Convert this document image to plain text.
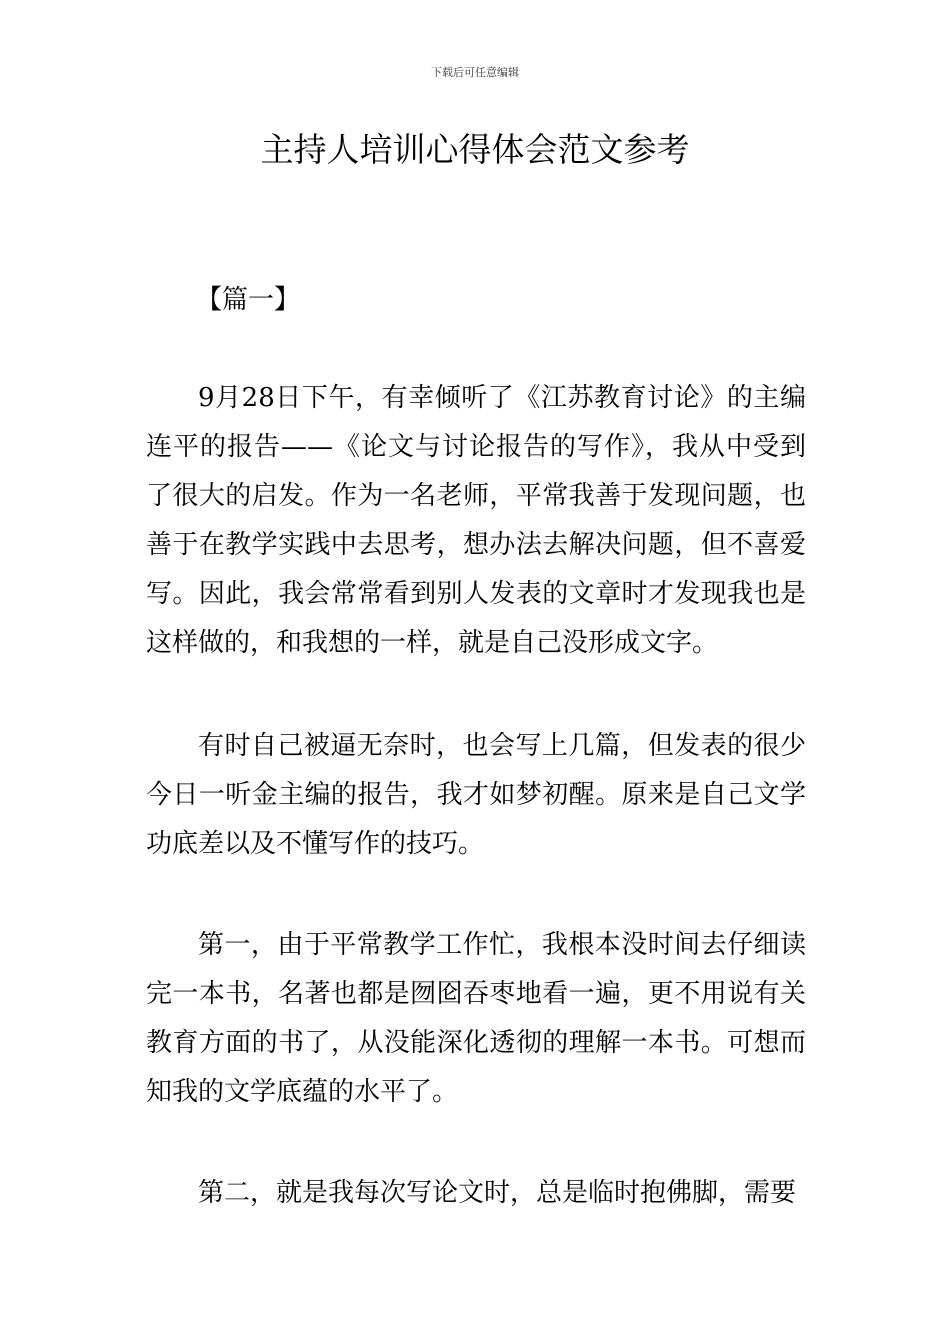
下载后可任意编辑
主持人培训心得体会范文参考
【篇一】

9月28日下午，有幸倾听了《江苏教育讨论》的主编连平的报告——《论文与讨论报告的写作》，我从中受到了很大的启发。作为一名老师，平常我善于发现问题，也善于在教学实践中去思考，想办法去解决问题，但不喜爱写。因此，我会常常看到别人发表的文章时才发现我也是这样做的，和我想的一样，就是自己没形成文字。

有时自己被逼无奈时，也会写上几篇，但发表的很少今日一听金主编的报告，我才如梦初醒。原来是自己文学功底差以及不懂写作的技巧。

第一，由于平常教学工作忙，我根本没时间去仔细读完一本书，名著也都是囫囵吞枣地看一遍，更不用说有关教育方面的书了，从没能深化透彻的理解一本书。可想而知我的文学底蕴的水平了。

第二，就是我每次写论文时，总是临时抱佛脚，需要
